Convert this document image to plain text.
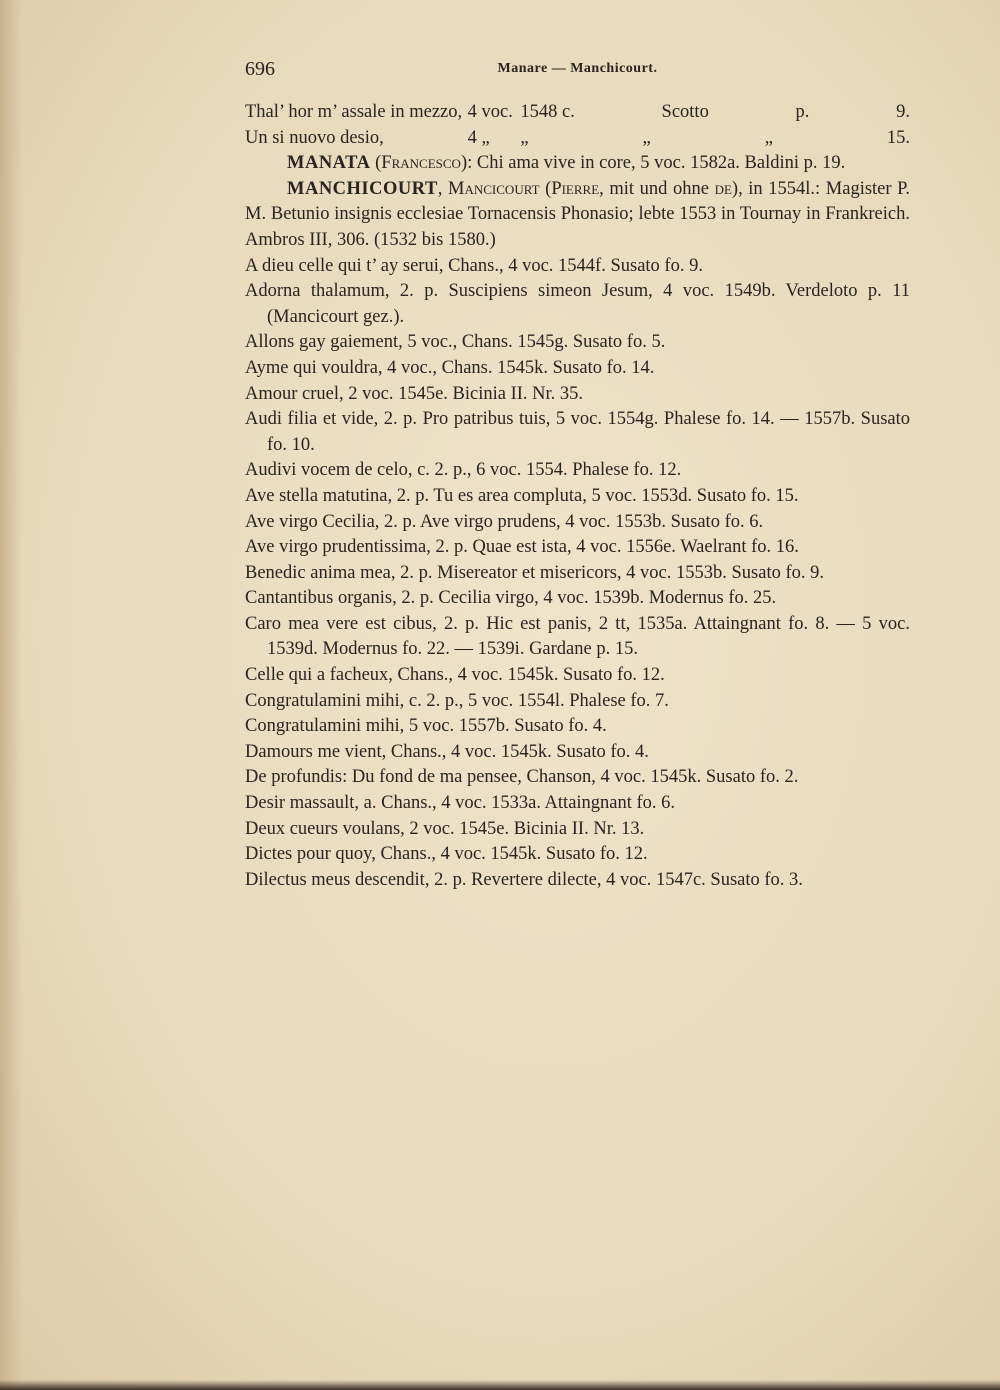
696	Manare — Manchicourt.
Thal’ hor m’ assale in mezzo, 4 voc. 1548 c.	Scotto	p.	9.
Un si nuovo desio,	4 „	„	„	„	15.

MANATA (Francesco): Chi ama vive in core, 5 voc. 1582a. Baldini p. 19.

MANCHICOURT, Mancicourt (Pierre, mit und ohne de), in 1554l.: Magister P. M. Betunio insignis ecclesiae Tornacensis Phonasio; lebte 1553 in Tournay in Frankreich. Ambros III, 306. (1532 bis 1580.)

A dieu celle qui t’ ay serui, Chans., 4 voc. 1544f. Susato fo. 9.

Adorna thalamum, 2. p. Suscipiens simeon Jesum, 4 voc. 1549b. Verdeloto p. 11 (Mancicourt gez.).

Allons gay gaiement, 5 voc., Chans. 1545g. Susato fo. 5.

Ayme qui vouldra, 4 voc., Chans. 1545k. Susato fo. 14.

Amour cruel, 2 voc. 1545e. Bicinia II. Nr. 35.

Audi filia et vide, 2. p. Pro patribus tuis, 5 voc. 1554g. Phalese fo. 14. — 1557b. Susato fo. 10.

Audivi vocem de celo, c. 2. p., 6 voc. 1554. Phalese fo. 12.

Ave stella matutina, 2. p. Tu es area compluta, 5 voc. 1553d. Susato fo. 15.

Ave virgo Cecilia, 2. p. Ave virgo prudens, 4 voc. 1553b. Susato fo. 6.

Ave virgo prudentissima, 2. p. Quae est ista, 4 voc. 1556e. Waelrant fo. 16.

Benedic anima mea, 2. p. Misereator et misericors, 4 voc. 1553b. Susato fo. 9.

Cantantibus organis, 2. p. Cecilia virgo, 4 voc. 1539b. Modernus fo. 25.

Caro mea vere est cibus, 2. p. Hic est panis, 2 tt, 1535a. Attaingnant fo. 8. — 5 voc. 1539d. Modernus fo. 22. — 1539i. Gardane p. 15.

Celle qui a facheux, Chans., 4 voc. 1545k. Susato fo. 12.

Congratulamini mihi, c. 2. p., 5 voc. 1554l. Phalese fo. 7.

Congratulamini mihi, 5 voc. 1557b. Susato fo. 4.

Damours me vient, Chans., 4 voc. 1545k. Susato fo. 4.

De profundis: Du fond de ma pensee, Chanson, 4 voc. 1545k. Susato fo. 2.

Desir massault, a. Chans., 4 voc. 1533a. Attaingnant fo. 6.

Deux cueurs voulans, 2 voc. 1545e. Bicinia II. Nr. 13.

Dictes pour quoy, Chans., 4 voc. 1545k. Susato fo. 12.

Dilectus meus descendit, 2. p. Revertere dilecte, 4 voc. 1547c. Susato fo. 3.
